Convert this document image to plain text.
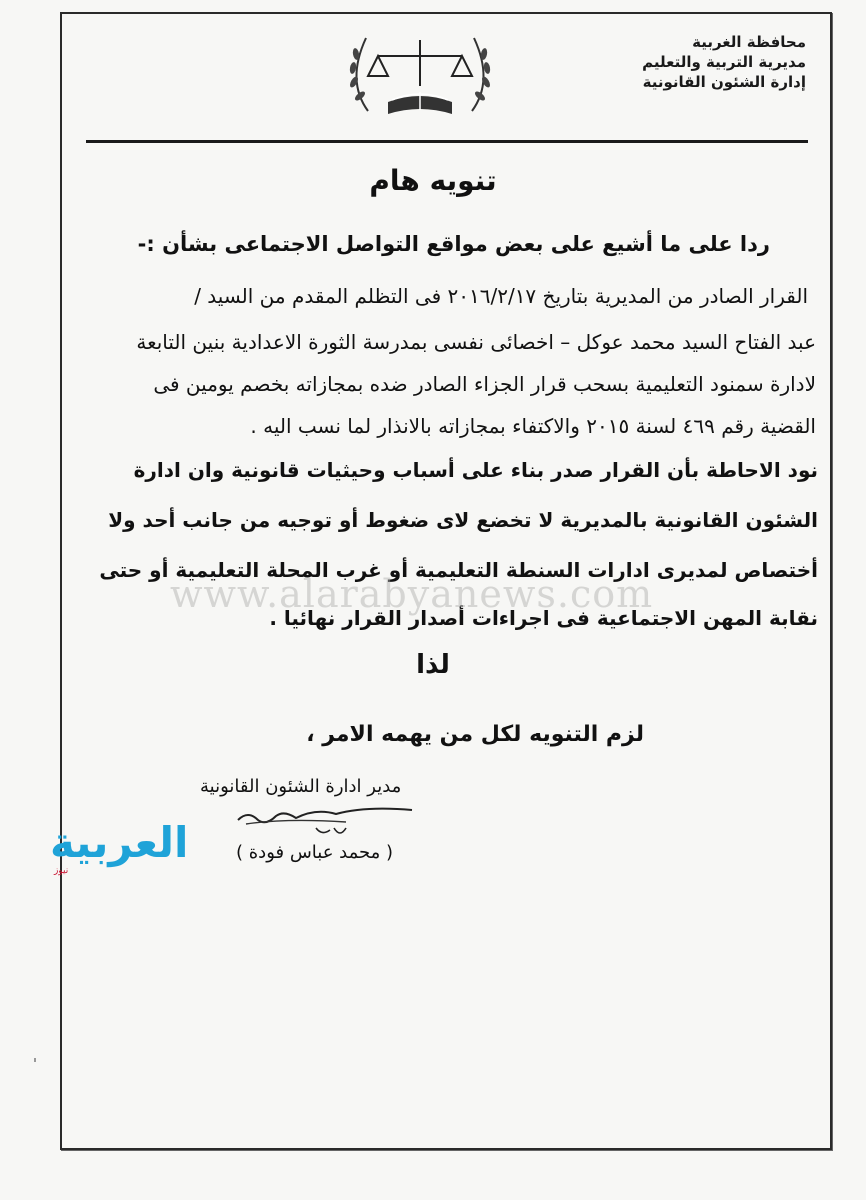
محافظة الغربية
مديرية التربية والتعليم
إدارة الشئون القانونية
تنويه هام
ردا على ما أشيع على بعض مواقع التواصل الاجتماعى بشأن :-
القرار الصادر من المديرية بتاريخ ٢٠١٦/٢/١٧ فى التظلم المقدم من السيد /
عبد الفتاح السيد محمد عوكل – اخصائى نفسى بمدرسة الثورة الاعدادية بنين التابعة
لادارة سمنود التعليمية بسحب قرار الجزاء الصادر ضده بمجازاته بخصم يومين فى
القضية رقم ٤٦٩ لسنة ٢٠١٥ والاكتفاء بمجازاته بالانذار لما نسب اليه .
نود الاحاطة بأن القرار صدر بناء على أسباب وحيثيات قانونية وان ادارة
الشئون القانونية بالمديرية لا تخضع لاى ضغوط أو توجيه من جانب أحد ولا
أختصاص لمديرى ادارات السنطة التعليمية أو غرب المحلة التعليمية أو حتى
نقابة المهن الاجتماعية فى اجراءات أصدار القرار نهائيا .
www.alarabyanews.com
لذا
لزم التنويه لكل من يهمه الامر ،
مدير ادارة الشئون القانونية
( محمد عباس فودة )
العربية
نيوز
